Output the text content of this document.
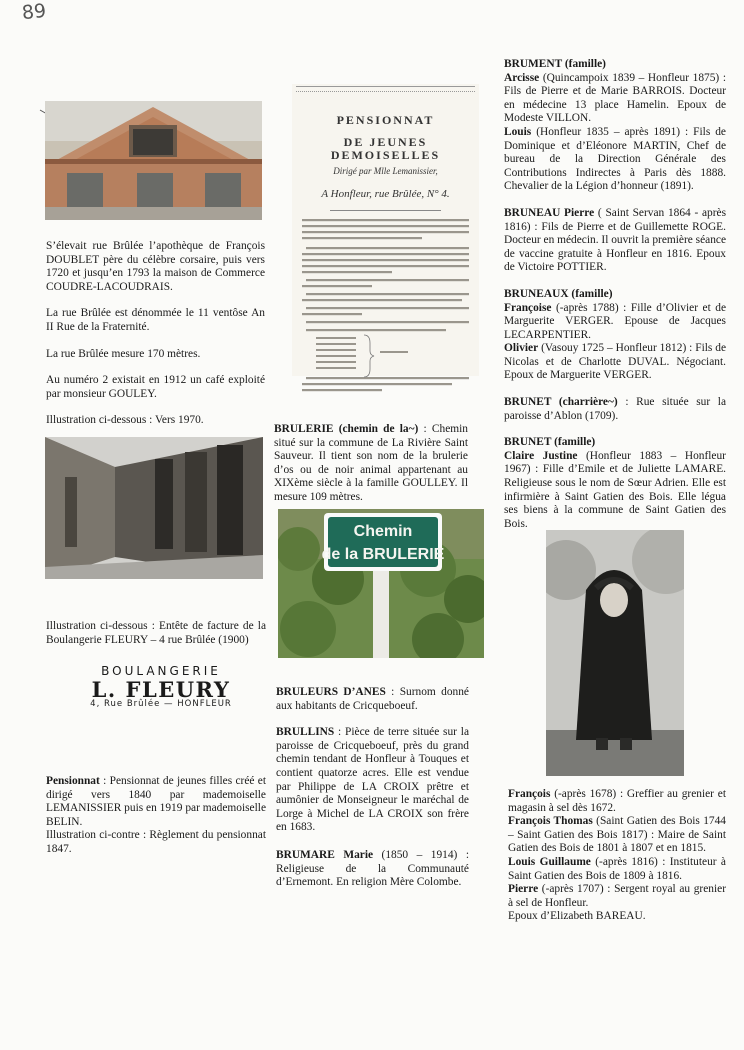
89

S’élevait rue Brûlée l’apothèque de François DOUBLET père du célèbre corsaire, puis vers 1720 et jusqu’en 1793 la maison de Commerce COUDRE-LACOUDRAIS.

La rue Brûlée est dénommée le 11 ventôse An II Rue de la Fraternité.

La rue Brûlée mesure 170 mètres.

Au numéro 2 existait en 1912 un café exploité par monsieur GOULEY.

Illustration ci-dessous : Vers 1970.

Illustration ci-dessous : Entête de facture de la Boulangerie FLEURY – 4 rue Brûlée (1900)
BOULANGERIE
L. FLEURY
4, Rue Brûlée — HONFLEUR

Pensionnat : Pensionnat de jeunes filles créé et dirigé vers 1840 par mademoiselle LEMANISSIER puis en 1919 par mademoiselle BELIN.

Illustration ci-contre : Règlement du pensionnat 1847.

PENSIONNAT
DE JEUNES DEMOISELLES
Dirigé par Mlle Lemanissier,
A Honfleur, rue Brûlée, N° 4.

BRULERIE (chemin de la~) : Chemin situé sur la commune de La Rivière Saint Sauveur. Il tient son nom de la brulerie d’os ou de noir animal appartenant au XIXème siècle à la famille GOULLEY. Il mesure 109 mètres.

Chemin
de la BRULERIE

BRULEURS D’ANES : Surnom donné aux habitants de Cricqueboeuf.

BRULLINS : Pièce de terre située sur la paroisse de Cricqueboeuf, près du grand chemin tendant de Honfleur à Touques et contient quatorze acres. Elle est vendue par Philippe de LA CROIX prêtre et aumônier de Monseigneur le maréchal de Lorge à Michel de LA CROIX son frère en 1683.

BRUMARE Marie (1850 – 1914) : Religieuse de la Communauté d’Ernemont. En religion Mère Colombe.

BRUMENT (famille)

Arcisse (Quincampoix 1839 – Honfleur 1875) : Fils de Pierre et de Marie BARROIS. Docteur en médecine 13 place Hamelin. Epoux de Modeste VILLON.

Louis (Honfleur 1835 – après 1891) : Fils de Dominique et d’Eléonore MARTIN, Chef de bureau de la Direction Générale des Contributions Indirectes à Paris dès 1888. Chevalier de la Légion d’honneur (1891).

BRUNEAU Pierre ( Saint Servan 1864 - après 1816) : Fils de Pierre et de Guillemette ROGE. Docteur en médecin. Il ouvrit la première séance de vaccine gratuite à Honfleur en 1816. Epoux de Victoire POTTIER.

BRUNEAUX (famille)

Françoise (-après 1788) : Fille d’Olivier et de Marguerite VERGER. Epouse de Jacques LECARPENTIER.

Olivier (Vasouy 1725 – Honfleur 1812) : Fils de Nicolas et de Charlotte DUVAL. Négociant. Epoux de Marguerite VERGER.

BRUNET (charrière~) : Rue située sur la paroisse d’Ablon (1709).

BRUNET (famille)

Claire Justine (Honfleur 1883 – Honfleur 1967) : Fille d’Emile et de Juliette LAMARE. Religieuse sous le nom de Sœur Adrien. Elle est infirmière à Saint Gatien des Bois. Elle légua ses biens à la commune de Saint Gatien des Bois.

François (-après 1678) : Greffier au grenier et magasin à sel dès 1672.

François Thomas (Saint Gatien des Bois 1744 – Saint Gatien des Bois 1817) : Maire de Saint Gatien des Bois de 1801 à 1807 et en 1815.

Louis Guillaume (-après 1816) : Instituteur à Saint Gatien des Bois de 1809 à 1816.

Pierre (-après 1707) : Sergent royal au grenier à sel de Honfleur.

Epoux d’Elizabeth BAREAU.
